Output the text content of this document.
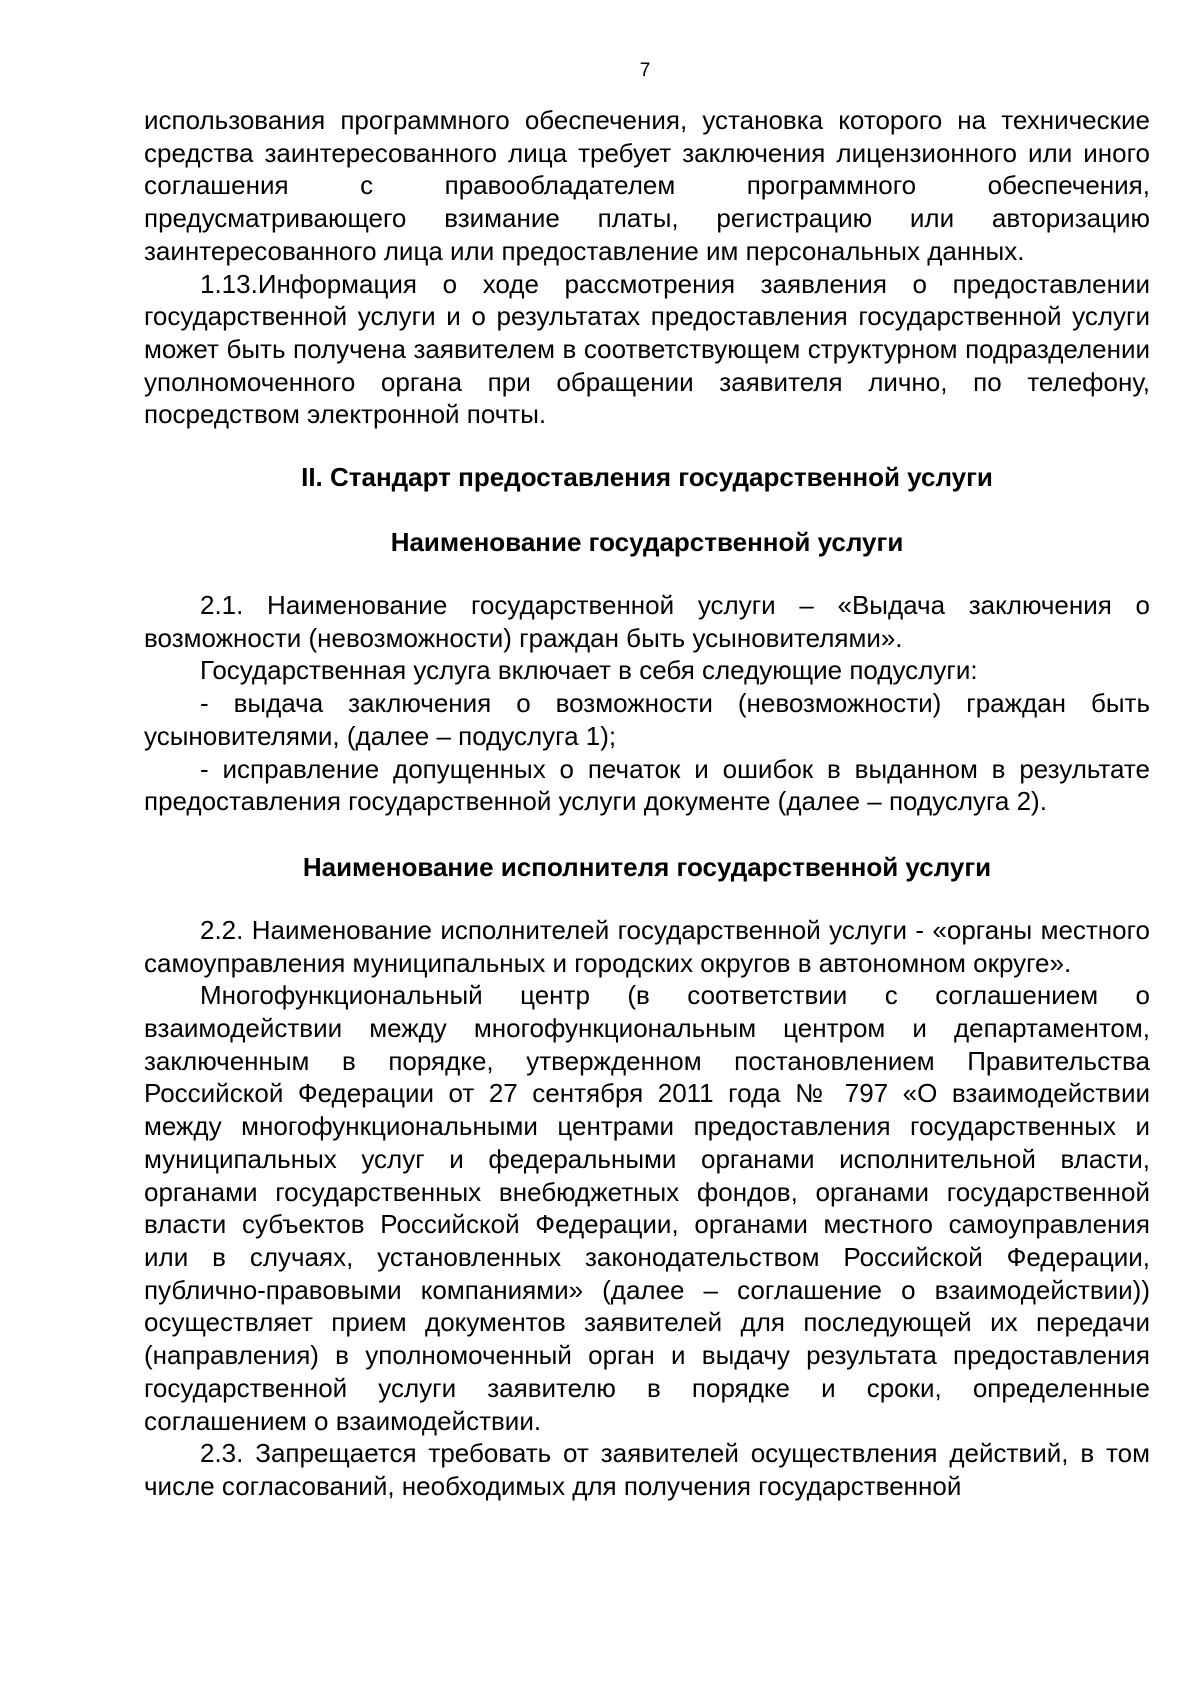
7

использования программного обеспечения, установка которого на технические средства заинтересованного лица требует заключения лицензионного или иного соглашения с правообладателем программного обеспечения, предусматривающего взимание платы, регистрацию или авторизацию заинтересованного лица или предоставление им персональных данных.

1.13.Информация о ходе рассмотрения заявления о предоставлении государственной услуги и о результатах предоставления государственной услуги может быть получена заявителем в соответствующем структурном подразделении уполномоченного органа при обращении заявителя лично, по телефону, посредством электронной почты.

II. Стандарт предоставления государственной услуги
Наименование государственной услуги

2.1. Наименование государственной услуги – «Выдача заключения о возможности (невозможности) граждан быть усыновителями».

Государственная услуга включает в себя следующие подуслуги:

- выдача заключения о возможности (невозможности) граждан быть усыновителями, (далее – подуслуга 1);

- исправление допущенных о печаток и ошибок в выданном в результате предоставления государственной услуги документе (далее – подуслуга 2).

Наименование исполнителя государственной услуги

2.2. Наименование исполнителей государственной услуги - «органы местного самоуправления муниципальных и городских округов в автономном округе».

Многофункциональный центр (в соответствии с соглашением о взаимодействии между многофункциональным центром и департаментом, заключенным в порядке, утвержденном постановлением Правительства Российской Федерации от 27 сентября 2011 года № 797 «О взаимодействии между многофункциональными центрами предоставления государственных и муниципальных услуг и федеральными органами исполнительной власти, органами государственных внебюджетных фондов, органами государственной власти субъектов Российской Федерации, органами местного самоуправления или в случаях, установленных законодательством Российской Федерации, публично-правовыми компаниями» (далее – соглашение о взаимодействии)) осуществляет прием документов заявителей для последующей их передачи (направления) в уполномоченный орган и выдачу результата предоставления государственной услуги заявителю в порядке и сроки, определенные соглашением о взаимодействии.

2.3. Запрещается требовать от заявителей осуществления действий, в том числе согласований, необходимых для получения государственной
